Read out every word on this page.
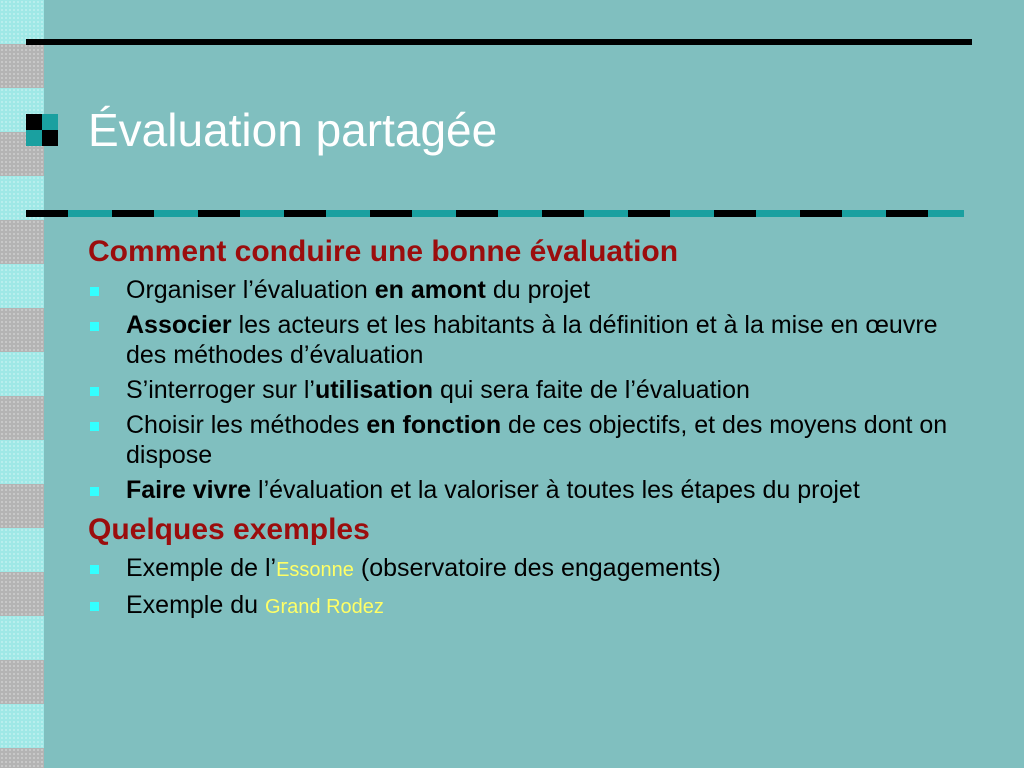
Évaluation partagée
Comment conduire une bonne évaluation
Organiser l’évaluation en amont du projet
Associer les acteurs et les habitants à la définition et à la mise en œuvre des méthodes d’évaluation
S’interroger sur l’utilisation qui sera faite de l’évaluation
Choisir les méthodes en fonction de ces objectifs, et des moyens dont on dispose
Faire vivre l’évaluation et la valoriser à toutes les étapes du projet
Quelques exemples
Exemple de l’Essonne (observatoire des engagements)
Exemple du Grand Rodez
